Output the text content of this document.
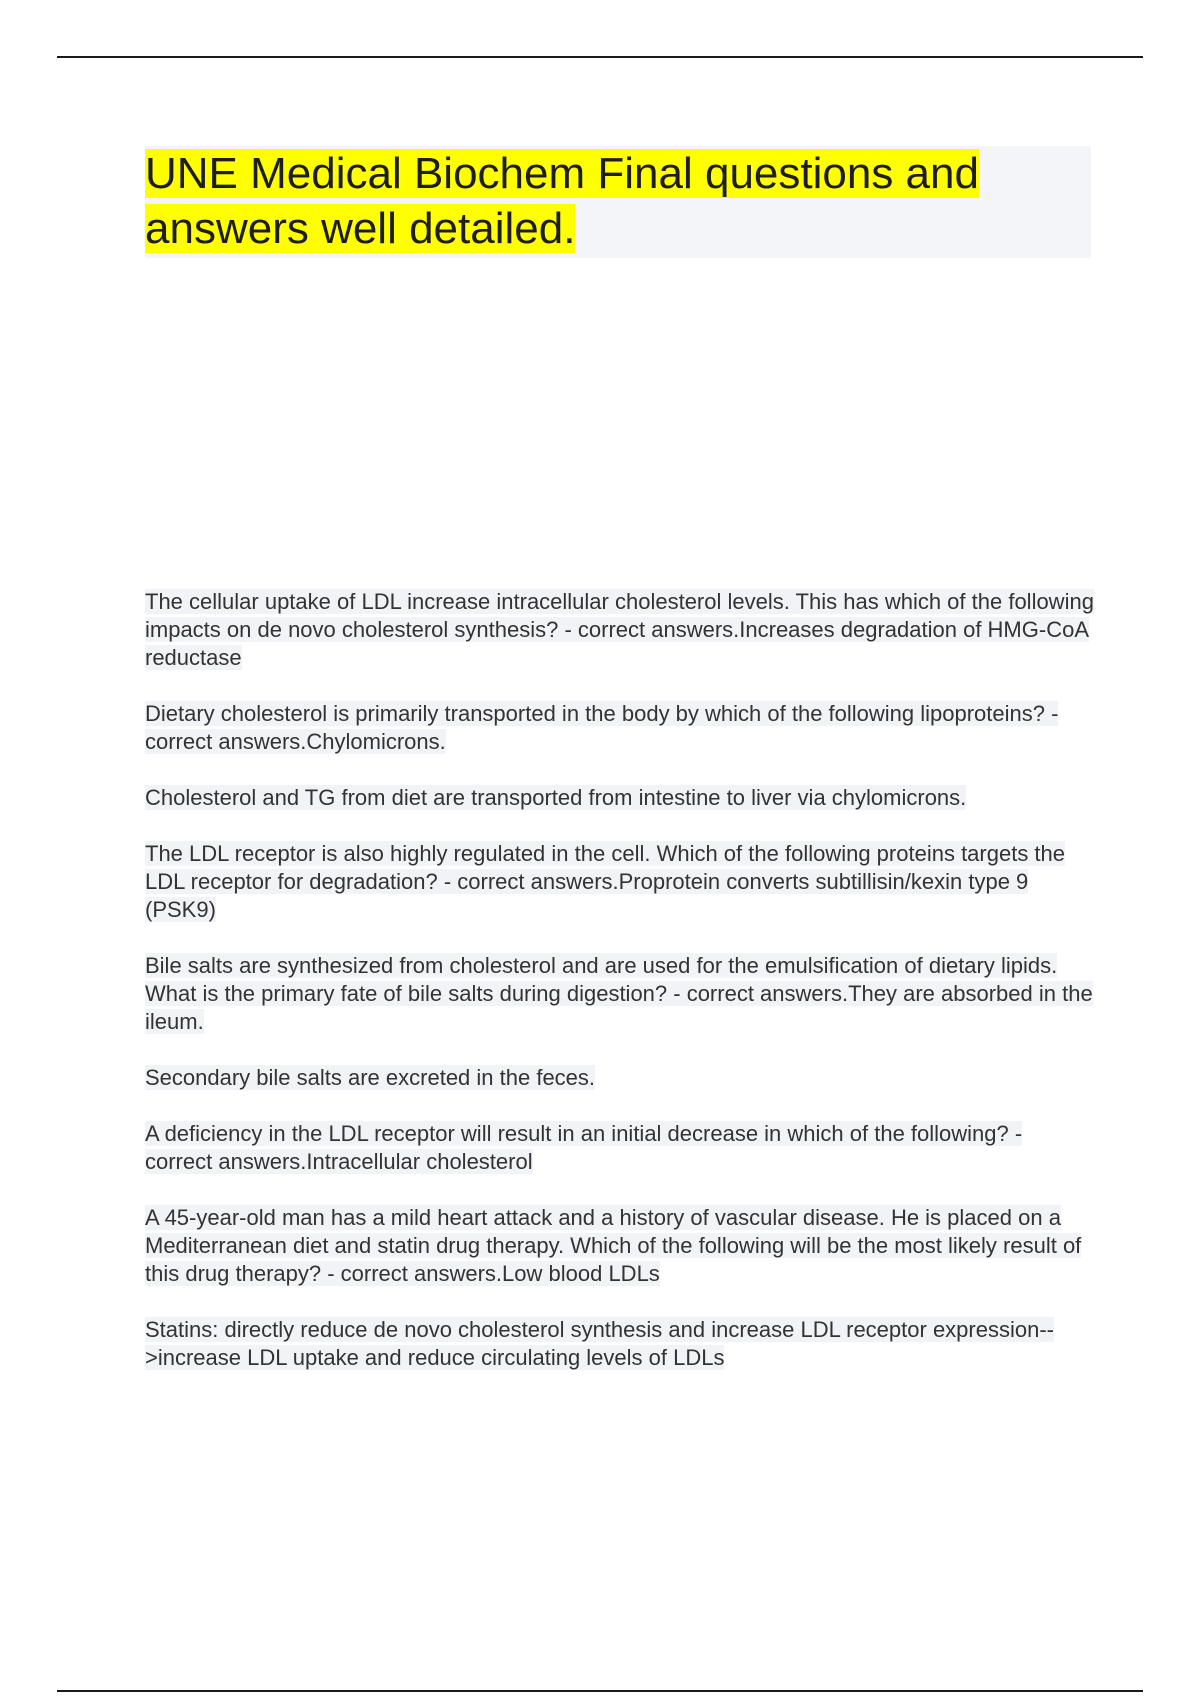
UNE Medical Biochem Final questions and answers well detailed.

The cellular uptake of LDL increase intracellular cholesterol levels. This has which of the following impacts on de novo cholesterol synthesis? - correct answers.Increases degradation of HMG-CoA reductase

Dietary cholesterol is primarily transported in the body by which of the following lipoproteins? - correct answers.Chylomicrons.

Cholesterol and TG from diet are transported from intestine to liver via chylomicrons.

The LDL receptor is also highly regulated in the cell. Which of the following proteins targets the LDL receptor for degradation? - correct answers.Proprotein converts subtillisin/kexin type 9 (PSK9)

Bile salts are synthesized from cholesterol and are used for the emulsification of dietary lipids. What is the primary fate of bile salts during digestion? - correct answers.They are absorbed in the ileum.

Secondary bile salts are excreted in the feces.

A deficiency in the LDL receptor will result in an initial decrease in which of the following? - correct answers.Intracellular cholesterol

A 45-year-old man has a mild heart attack and a history of vascular disease. He is placed on a Mediterranean diet and statin drug therapy. Which of the following will be the most likely result of this drug therapy? - correct answers.Low blood LDLs

Statins: directly reduce de novo cholesterol synthesis and increase LDL receptor expression-->increase LDL uptake and reduce circulating levels of LDLs
